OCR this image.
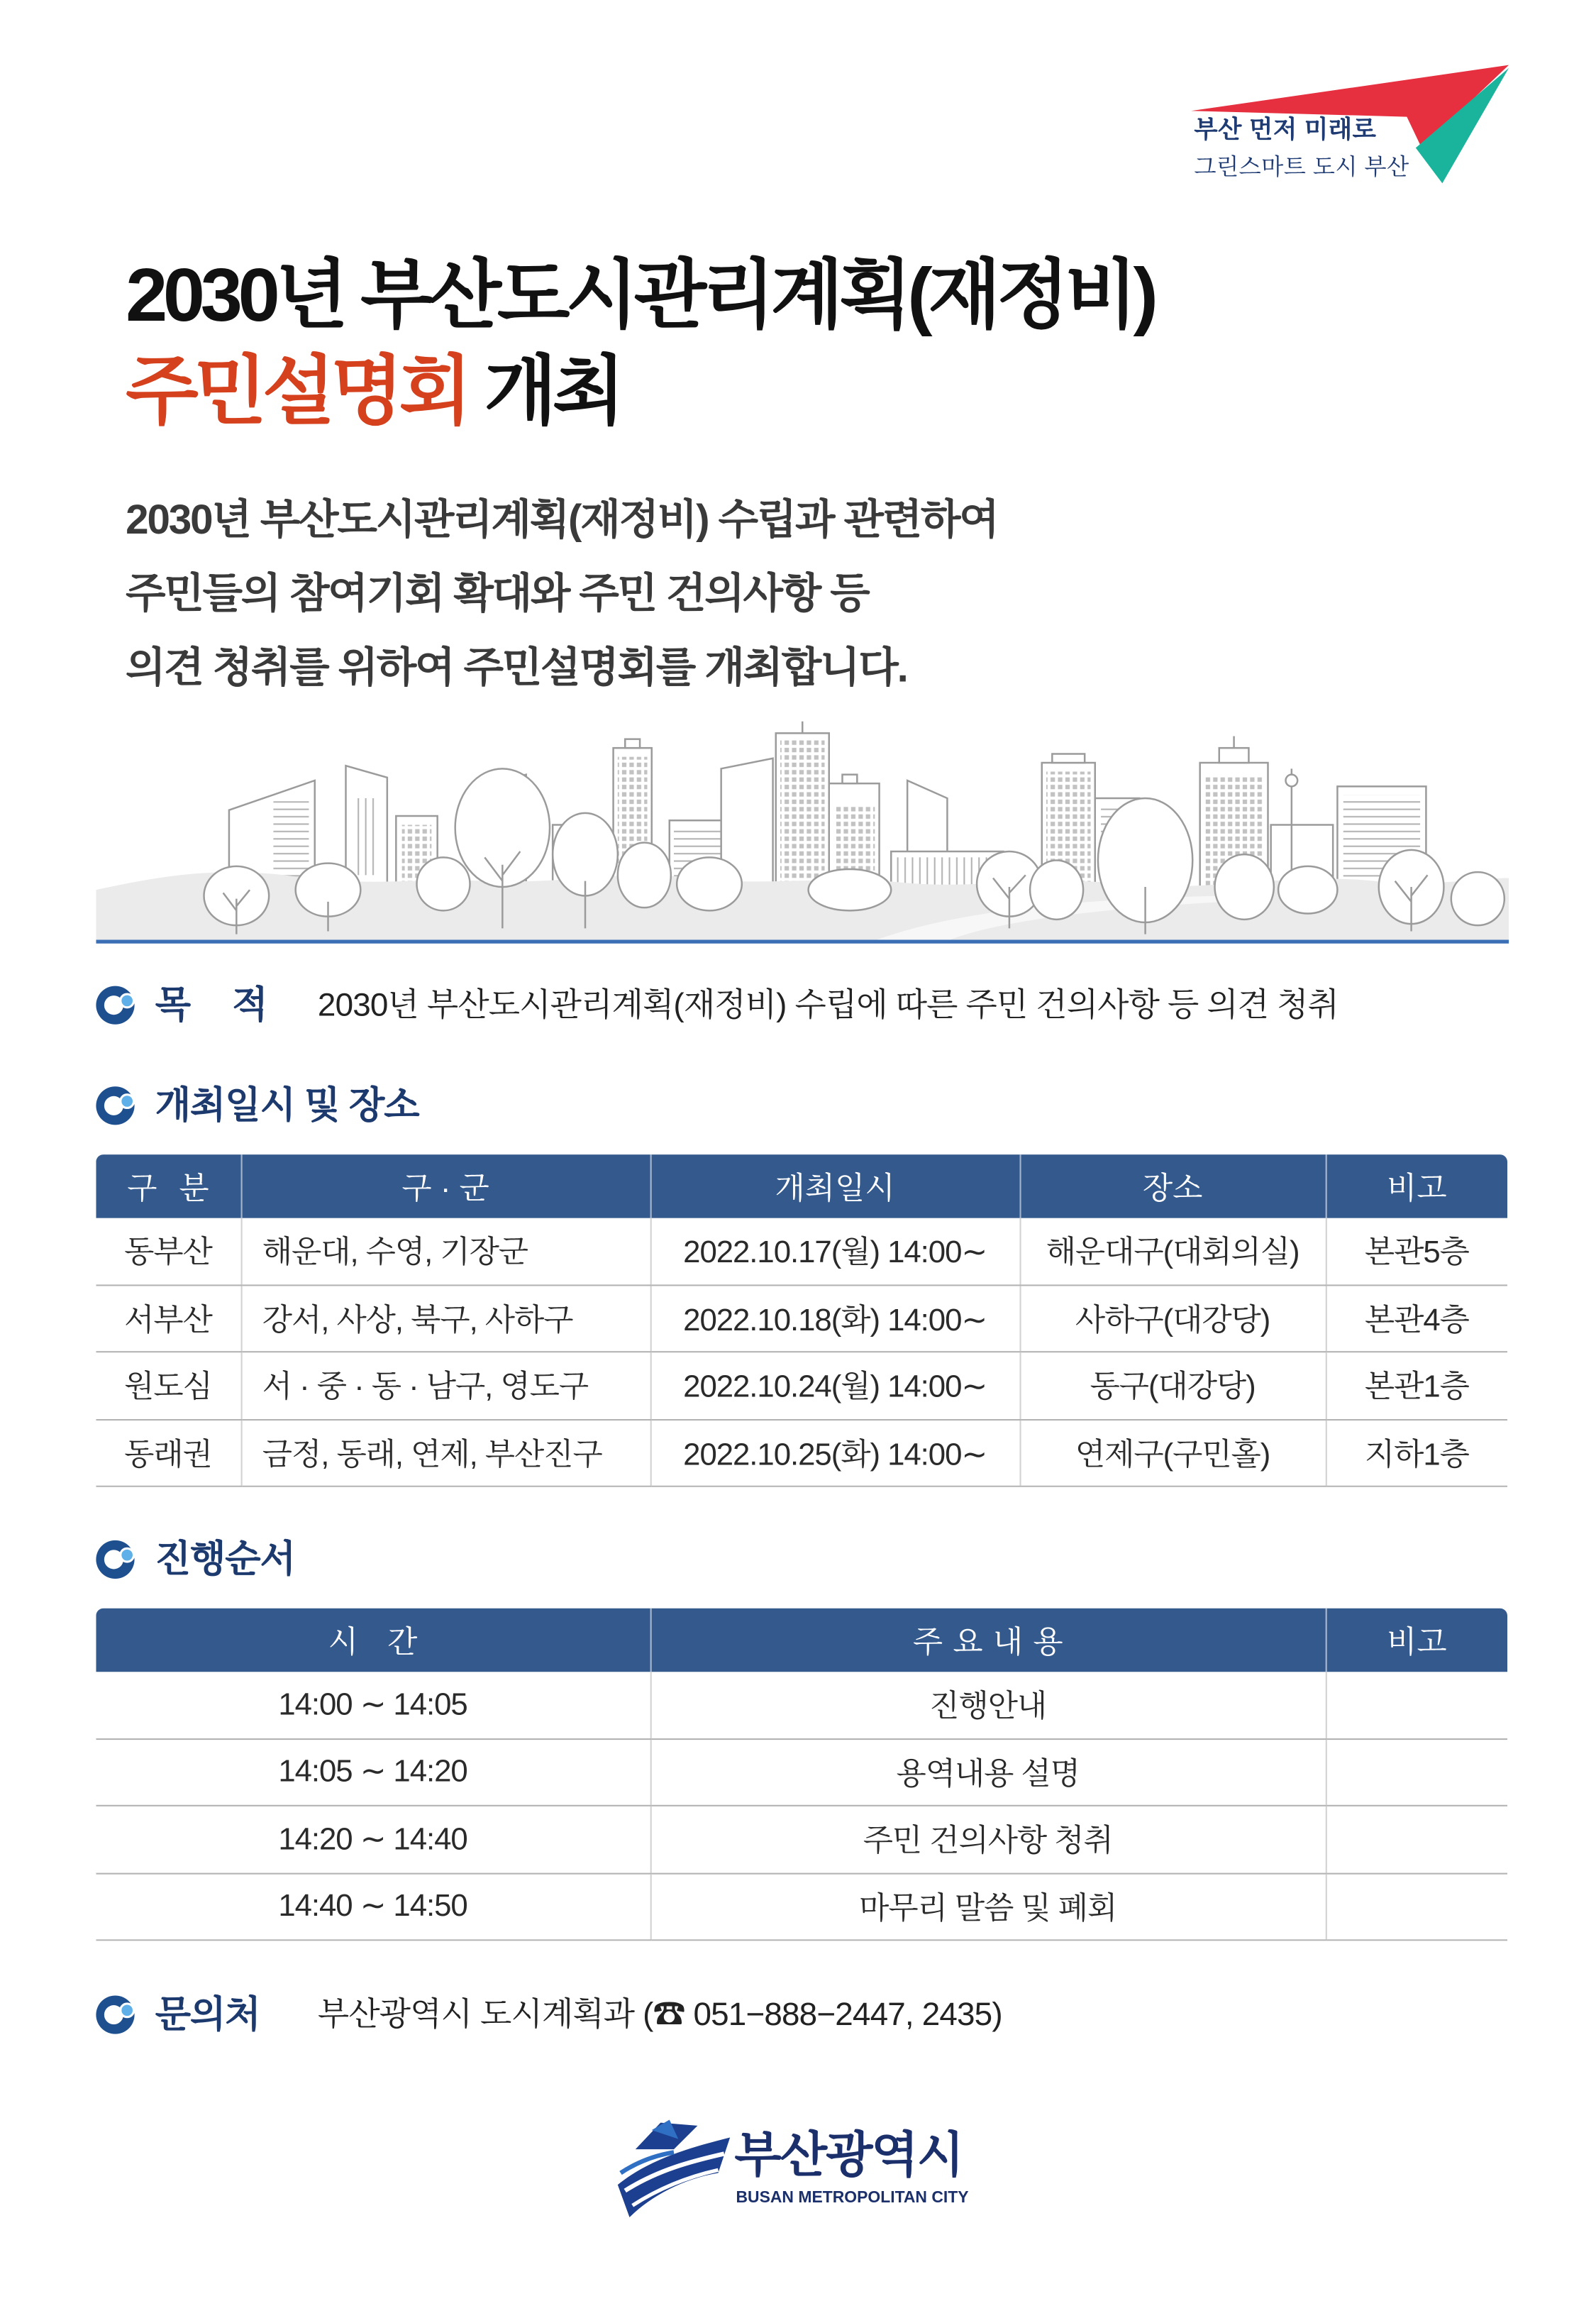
부산 먼저 미래로
그린스마트 도시 부산
2030년 부산도시관리계획(재정비)
주민설명회 개최
2030년 부산도시관리계획(재정비) 수립과 관련하여
주민들의 참여기회 확대와 주민 건의사항 등
의견 청취를 위하여 주민설명회를 개최합니다.
목 적	2030년 부산도시관리계획(재정비) 수립에 따른 주민 건의사항 등 의견 청취
개최일시 및 장소
구 분	구 · 군	개최일시	장소	비고
동부산	해운대, 수영, 기장군	2022.10.17(월) 14:00∼	해운대구(대회의실)	본관5층
서부산	강서, 사상, 북구, 사하구	2022.10.18(화) 14:00∼	사하구(대강당)	본관4층
원도심	서 · 중 · 동 · 남구, 영도구	2022.10.24(월) 14:00∼	동구(대강당)	본관1층
동래권	금정, 동래, 연제, 부산진구	2022.10.25(화) 14:00∼	연제구(구민홀)	지하1층
진행순서
시 간	주 요 내 용	비고
14:00 ∼ 14:05	진행안내	
14:05 ∼ 14:20	용역내용 설명	
14:20 ∼ 14:40	주민 건의사항 청취	
14:40 ∼ 14:50	마무리 말씀 및 폐회	
문의처	부산광역시 도시계획과 (☎ 051−888−2447, 2435)
부산광역시
BUSAN METROPOLITAN CITY
